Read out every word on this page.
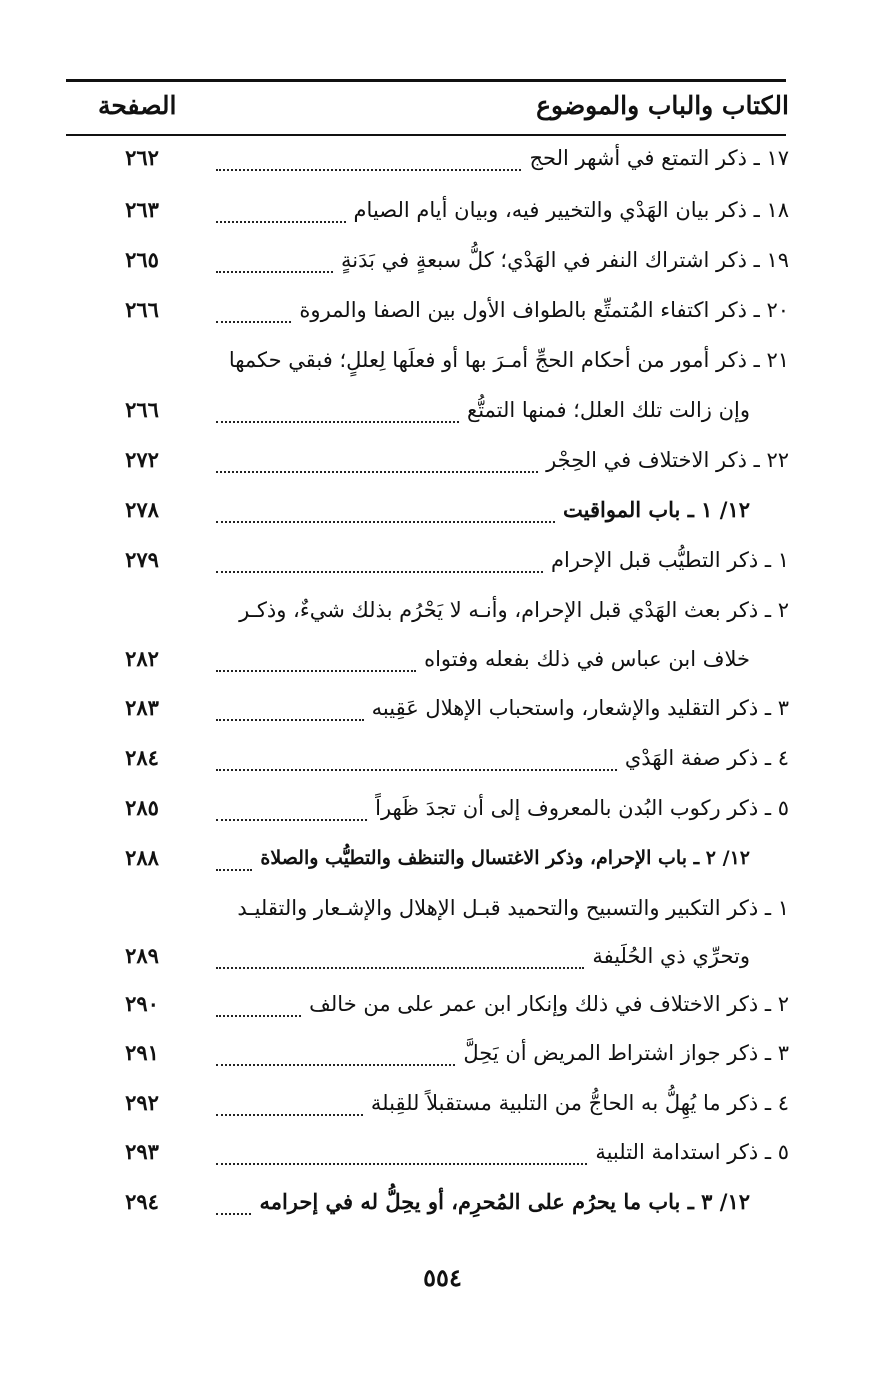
الكتاب والباب والموضوع
الصفحة
١٧ ـ ذكر التمتع في أشهر الحج
٢٦٢
١٨ ـ ذكر بيان الهَدْي والتخيير فيه، وبيان أيام الصيام
٢٦٣
١٩ ـ ذكر اشتراك النفر في الهَدْي؛ كلُّ سبعةٍ في بَدَنةٍ
٢٦٥
٢٠ ـ ذكر اكتفاء المُتمتِّع بالطواف الأول بين الصفا والمروة
٢٦٦
٢١ ـ ذكر أمور من أحكام الحجِّ أمـرَ بها أو فعلَها لِعللٍ؛ فبقي حكمها
وإن زالت تلك العلل؛ فمنها التمتُّع
٢٦٦
٢٢ ـ ذكر الاختلاف في الحِجْر
٢٧٢
١٢/ ١ ـ باب المواقيت
٢٧٨
١ ـ ذكر التطيُّب قبل الإحرام
٢٧٩
٢ ـ ذكر بعث الهَدْي قبل الإحرام، وأنـه لا يَحْرُم بذلك شيءٌ، وذكـر
خلاف ابن عباس في ذلك بفعله وفتواه
٢٨٢
٣ ـ ذكر التقليد والإشعار، واستحباب الإهلال عَقِيبه
٢٨٣
٤ ـ ذكر صفة الهَدْي
٢٨٤
٥ ـ ذكر ركوب البُدن بالمعروف إلى أن تجدَ ظَهراً
٢٨٥
١٢/ ٢ ـ باب الإحرام، وذكر الاغتسال والتنظف والتطيُّب والصلاة
٢٨٨
١ ـ ذكر التكبير والتسبيح والتحميد قبـل الإهلال والإشـعار والتقليـد
وتحرِّي ذي الحُلَيفة
٢٨٩
٢ ـ ذكر الاختلاف في ذلك وإنكار ابن عمر على من خالف
٢٩٠
٣ ـ ذكر جواز اشتراط المريض أن يَحِلَّ
٢٩١
٤ ـ ذكر ما يُهِلُّ به الحاجُّ من التلبية مستقبلاً للقِبلة
٢٩٢
٥ ـ ذكر استدامة التلبية
٢٩٣
١٢/ ٣ ـ باب ما يحرُم على المُحرِم، أو يحِلُّ له في إحرامه
٢٩٤
٥٥٤
